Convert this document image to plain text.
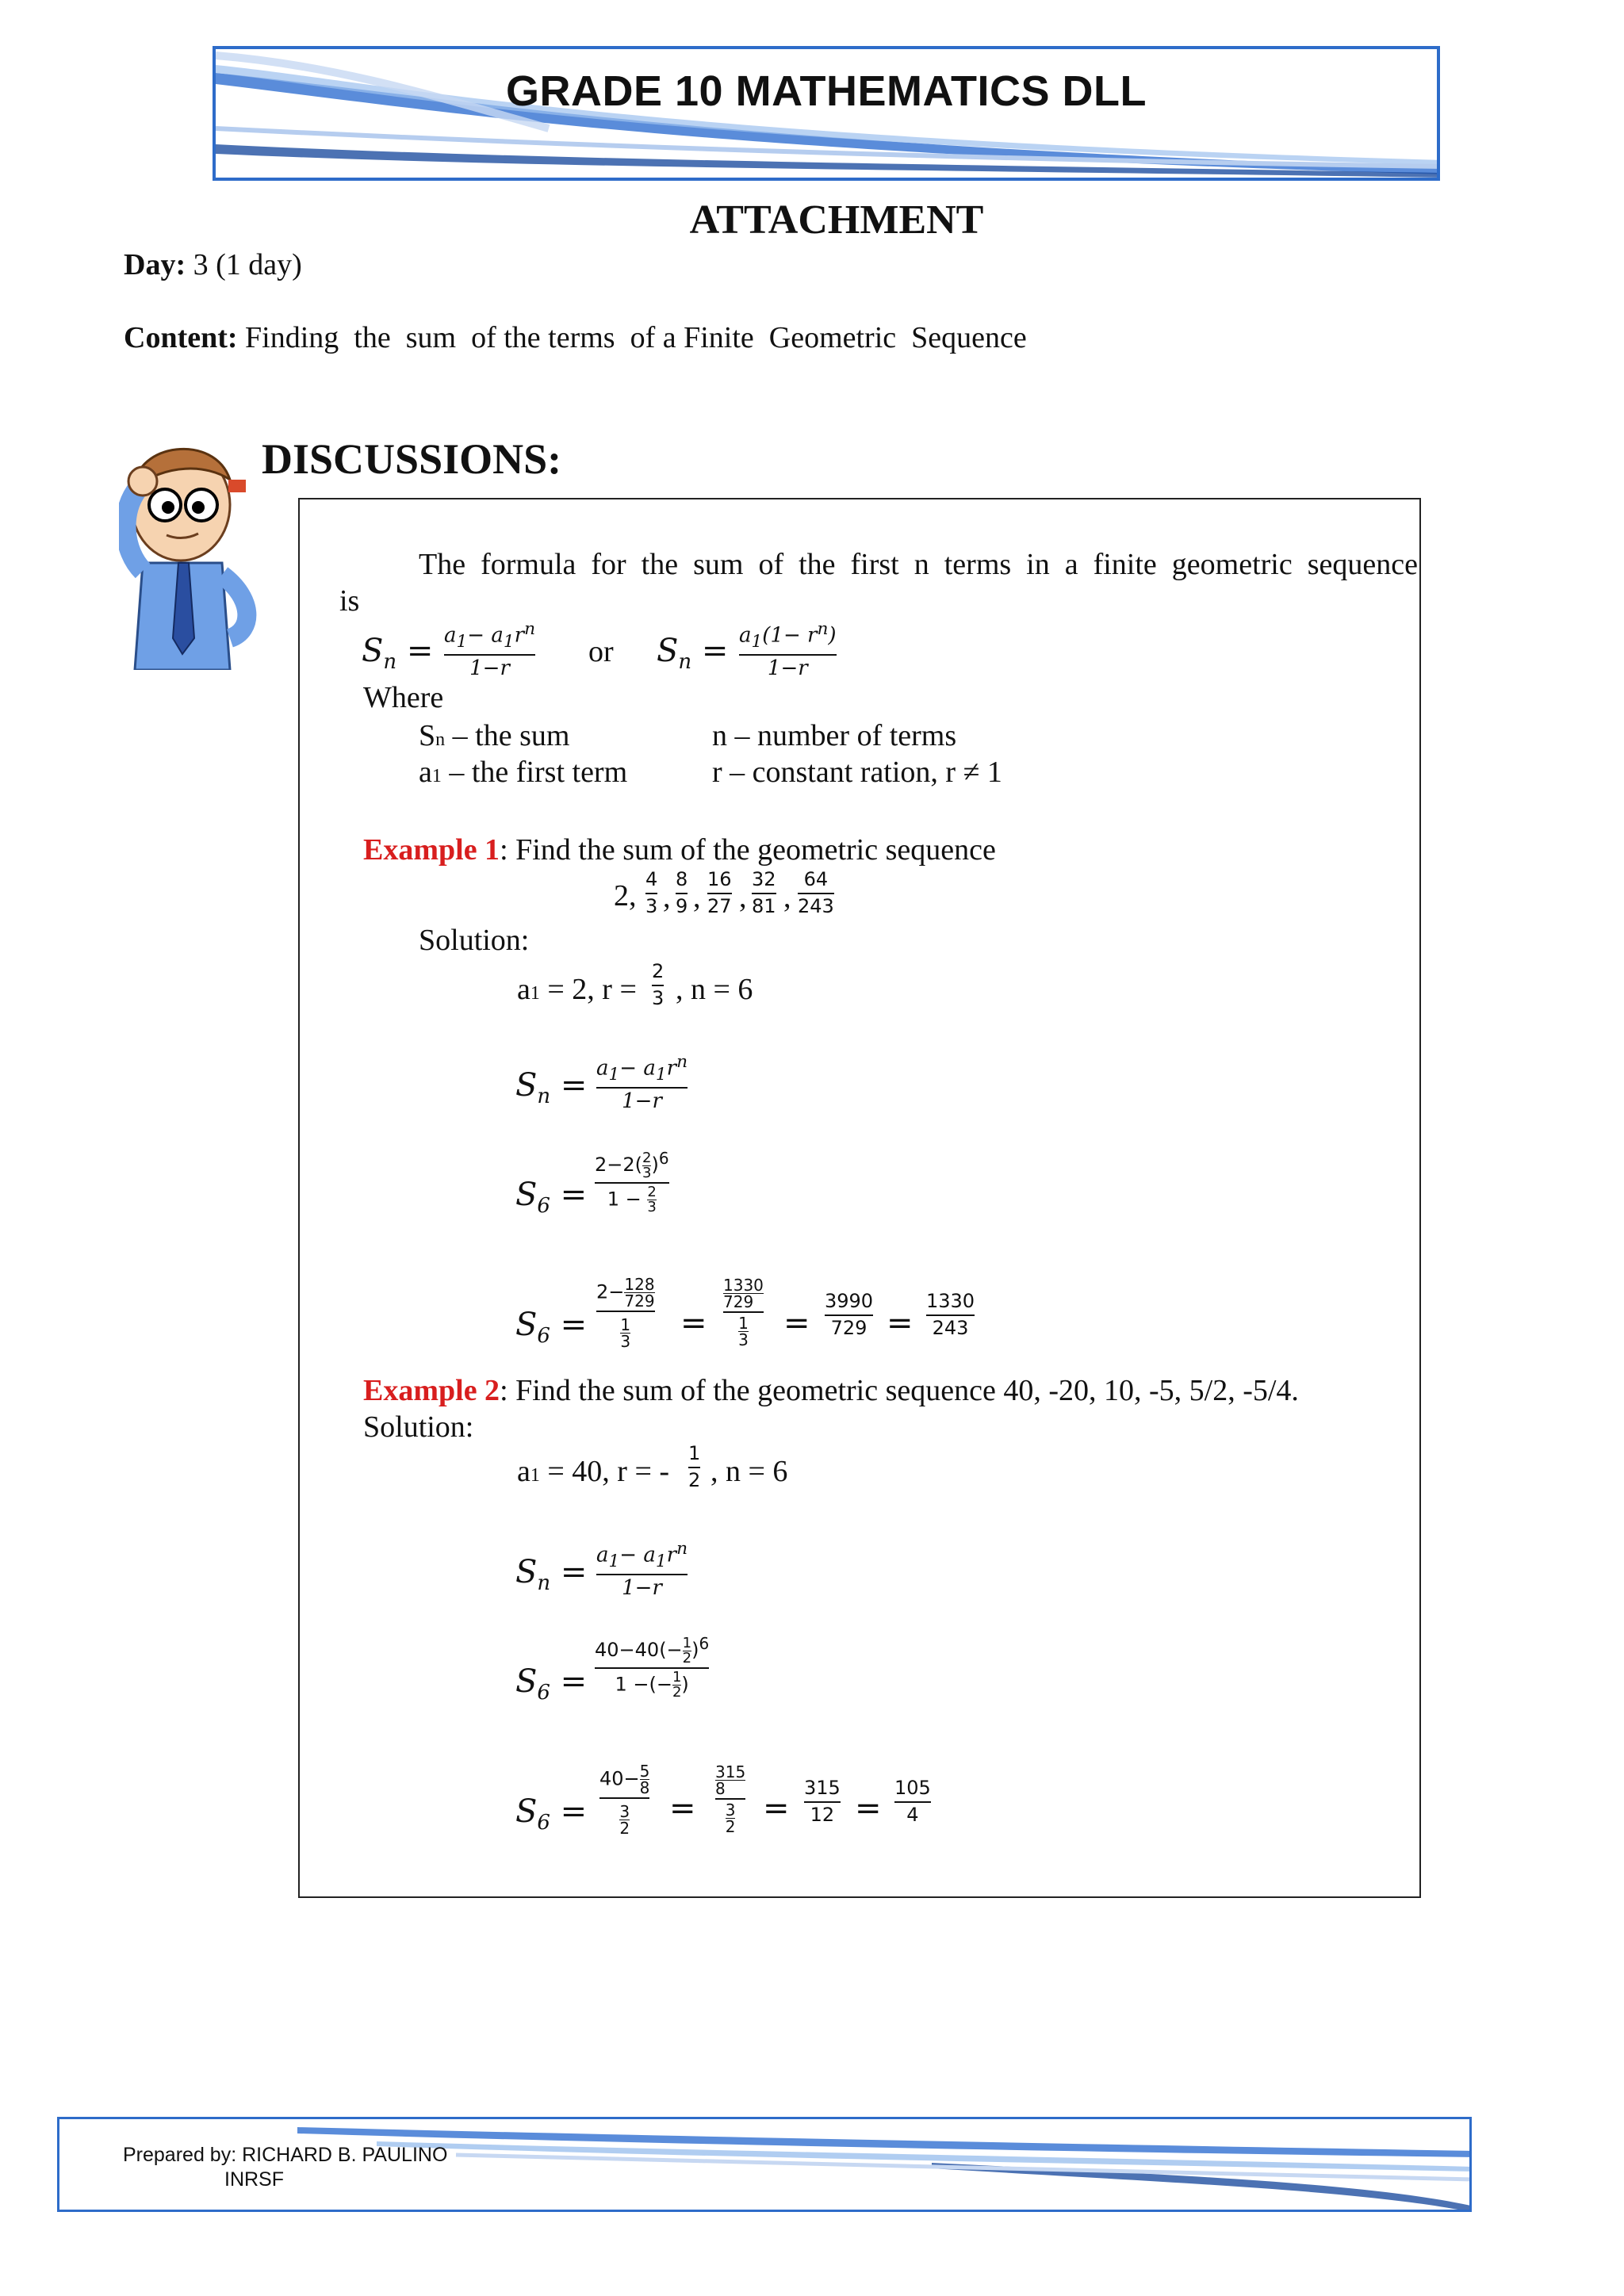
GRADE 10 MATHEMATICS DLL
ATTACHMENT
Day: 3 (1 day)
Content: Finding  the  sum  of the terms  of a Finite  Geometric  Sequence
DISCUSSIONS:
The  formula  for  the  sum  of  the  first  n  terms  in  a  finite  geometric  sequence
is
$S_n = a_1- a_1r^n$
1−r	or $S_n = a_1(1- r^n)$
1−r
Where
Sn – the sum
a1 – the first term
n – number of terms
r – constant ration, r ≠ 1
Example 1: Find the sum of the geometric sequence
2, 4
3 ,
8
9 ,
16
27 ,
32
81 ,
64
243
Solution:
a1 = 2, r =
2
3 , n = 6
$S_n = a_1- a_1r^n$
1−r
$S_6$ =
$2-2( \frac{2}{3} )^6$
$1 - \frac{2}{3}$
$S_6$ =
$2- \frac{128}{729}$
$\frac{1}{3}$ =
$\frac{1330}{729}$
$\frac{1}{3}$ =
3990
729 =
1330
243
Example 2: Find the sum of the geometric sequence 40, -20, 10, -5, 5/2, -5/4.
Solution:
a1 = 40, r = -
1
2 , n = 6
$S_n = a_1- a_1r^n$
1−r
$S_6$ =
$40-40(- \frac{1}{2} )^6$
1 −(− $\frac{1}{2}$ )
$S_6$ =
$40- \frac{5}{8}$
$\frac{3}{2}$ =
$\frac{315}{8}$
$\frac{3}{2}$ =
315
12 =
105
4
Prepared by: RICHARD B. PAULINO
INRSF
